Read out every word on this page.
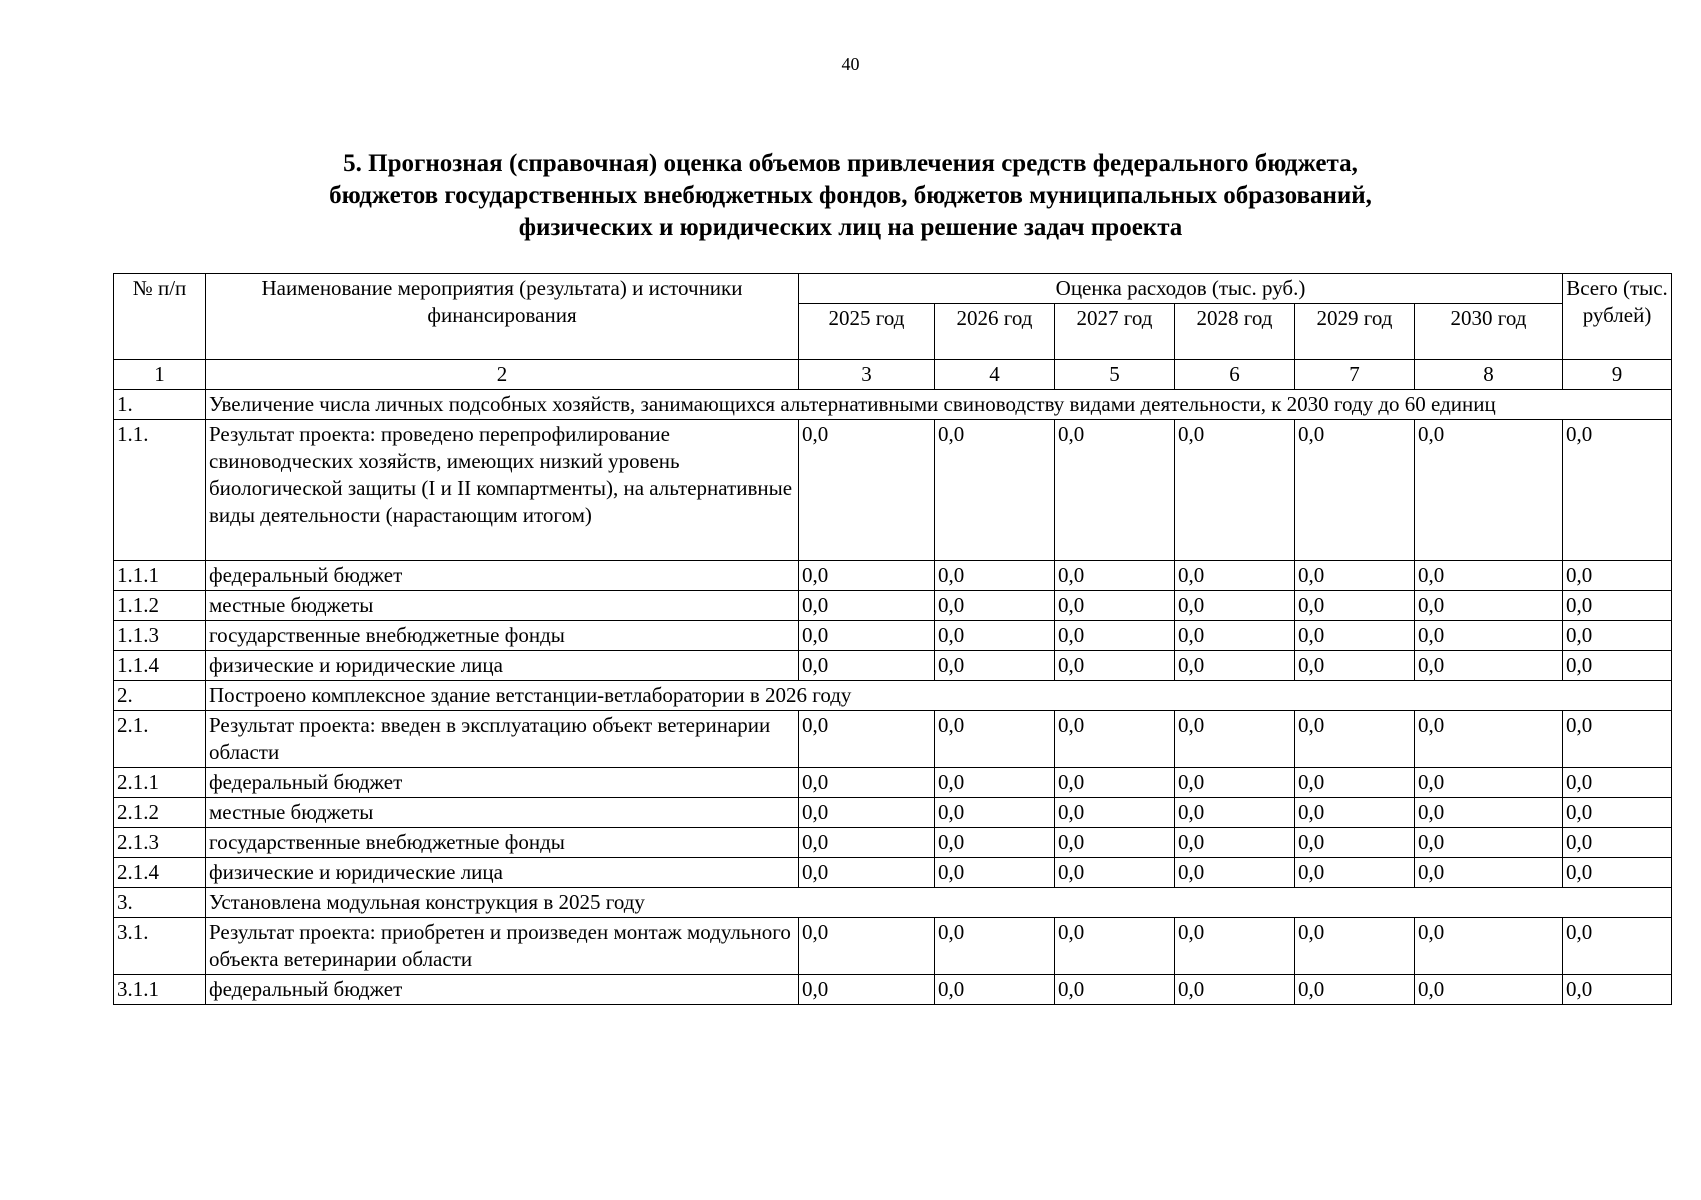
40
5. Прогнозная (справочная) оценка объемов привлечения средств федерального бюджета,
бюджетов государственных внебюджетных фондов, бюджетов муниципальных образований,
физических и юридических лиц на решение задач проекта
№ п/п	Наименование мероприятия (результата) и источники финансирования	Оценка расходов (тыс. руб.)						Всего (тыс. рублей)
		2025 год	2026 год	2027 год	2028 год	2029 год	2030 год	
1	2	3	4	5	6	7	8	9
1.	Увеличение числа личных подсобных хозяйств, занимающихся альтернативными свиноводству видами деятельности, к 2030 году до 60 единиц							
1.1.	Результат проекта: проведено перепрофилирование свиноводческих хозяйств, имеющих низкий уровень биологической защиты (I и II компартменты), на альтернативные виды деятельности (нарастающим итогом)	0,0	0,0	0,0	0,0	0,0	0,0	0,0
1.1.1	федеральный бюджет	0,0	0,0	0,0	0,0	0,0	0,0	0,0
1.1.2	местные бюджеты	0,0	0,0	0,0	0,0	0,0	0,0	0,0
1.1.3	государственные внебюджетные фонды	0,0	0,0	0,0	0,0	0,0	0,0	0,0
1.1.4	физические и юридические лица	0,0	0,0	0,0	0,0	0,0	0,0	0,0
2.	Построено комплексное здание ветстанции-ветлаборатории в 2026 году							
2.1.	Результат проекта: введен в эксплуатацию объект ветеринарии области	0,0	0,0	0,0	0,0	0,0	0,0	0,0
2.1.1	федеральный бюджет	0,0	0,0	0,0	0,0	0,0	0,0	0,0
2.1.2	местные бюджеты	0,0	0,0	0,0	0,0	0,0	0,0	0,0
2.1.3	государственные внебюджетные фонды	0,0	0,0	0,0	0,0	0,0	0,0	0,0
2.1.4	физические и юридические лица	0,0	0,0	0,0	0,0	0,0	0,0	0,0
3.	Установлена модульная конструкция в 2025 году							
3.1.	Результат проекта: приобретен и произведен монтаж модульного объекта ветеринарии области	0,0	0,0	0,0	0,0	0,0	0,0	0,0
3.1.1	федеральный бюджет	0,0	0,0	0,0	0,0	0,0	0,0	0,0
